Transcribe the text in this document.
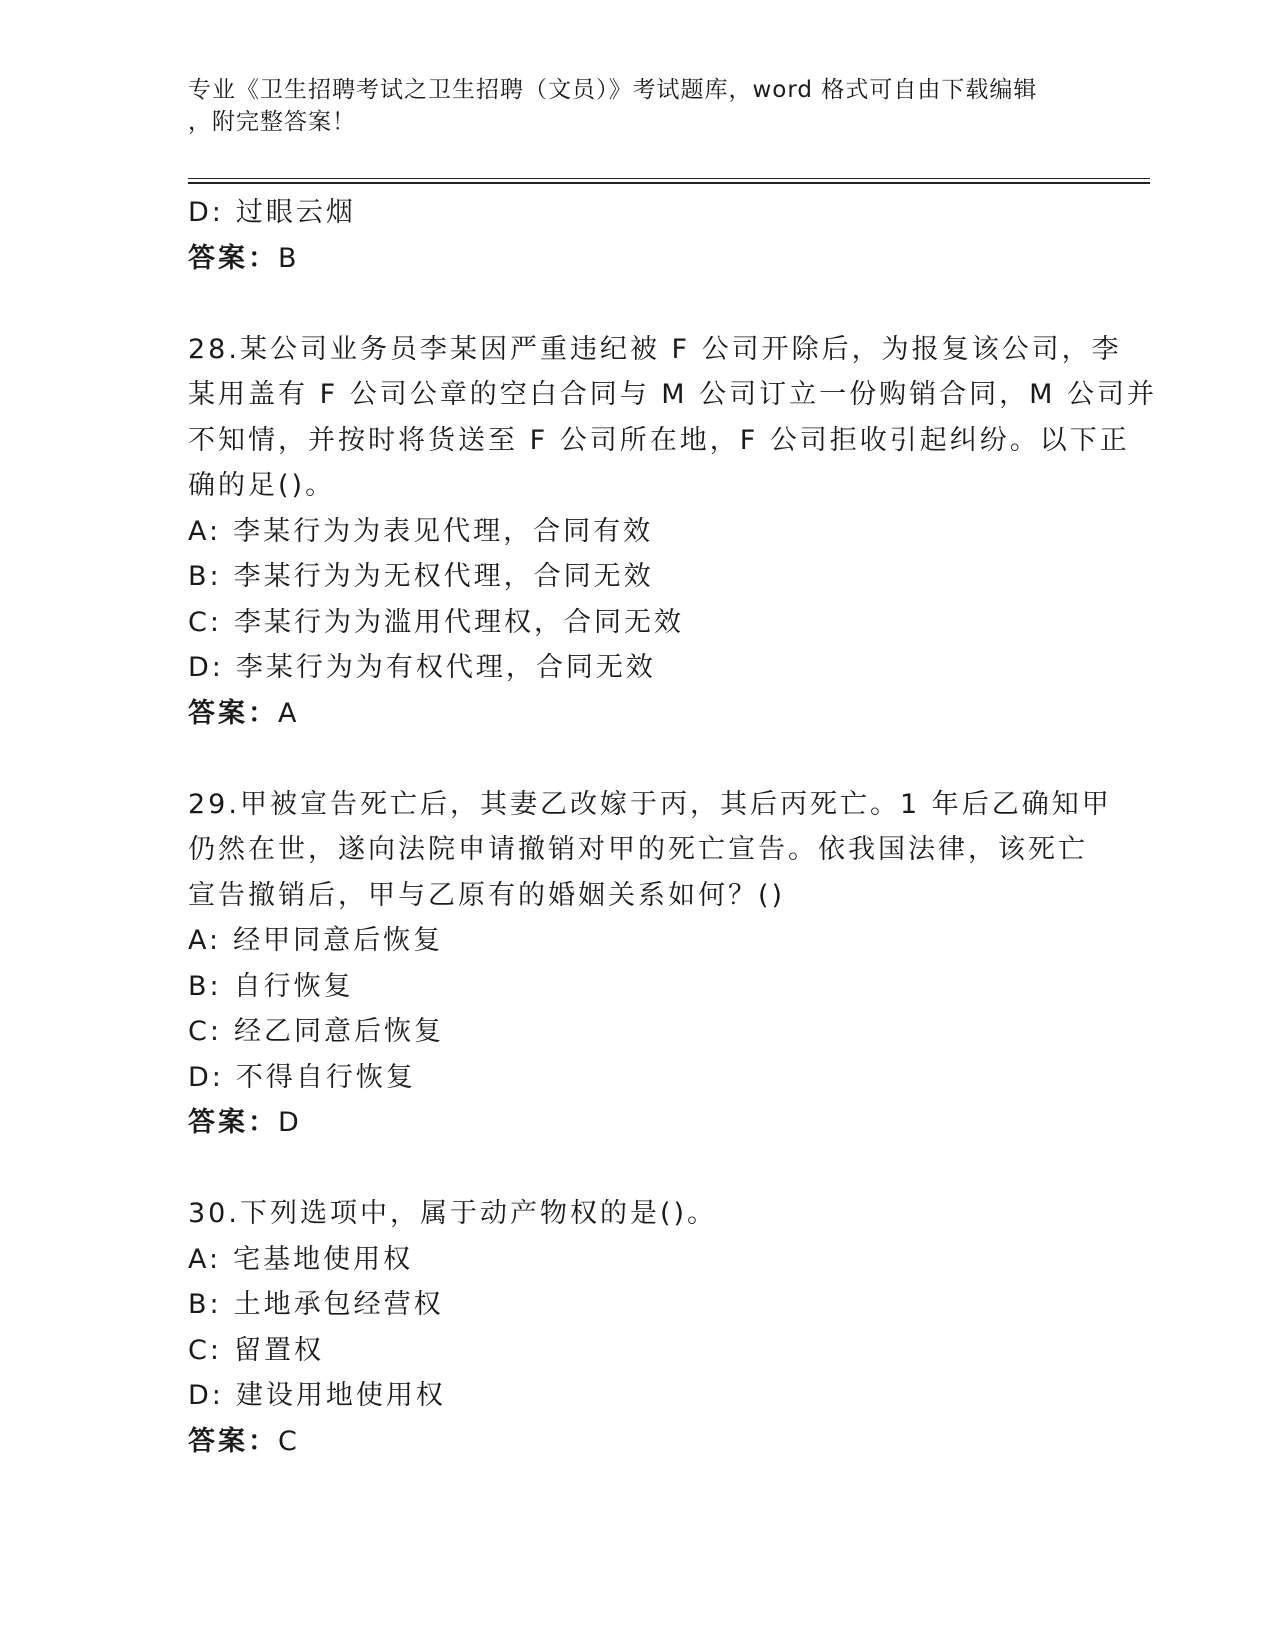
专业《卫生招聘考试之卫生招聘（文员）》考试题库，word 格式可自由下载编辑
，附完整答案！
D: 过眼云烟
答案：B
28.某公司业务员李某因严重违纪被 F 公司开除后，为报复该公司，李
某用盖有 F 公司公章的空白合同与 M 公司订立一份购销合同，M 公司并
不知情，并按时将货送至 F 公司所在地，F 公司拒收引起纠纷。以下正
确的足()。
A: 李某行为为表见代理，合同有效
B: 李某行为为无权代理，合同无效
C: 李某行为为滥用代理权，合同无效
D: 李某行为为有权代理，合同无效
答案：A
29.甲被宣告死亡后，其妻乙改嫁于丙，其后丙死亡。1 年后乙确知甲
仍然在世，遂向法院申请撤销对甲的死亡宣告。依我国法律，该死亡
宣告撤销后，甲与乙原有的婚姻关系如何？()
A: 经甲同意后恢复
B: 自行恢复
C: 经乙同意后恢复
D: 不得自行恢复
答案：D
30.下列选项中，属于动产物权的是()。
A: 宅基地使用权
B: 土地承包经营权
C: 留置权
D: 建设用地使用权
答案：C
